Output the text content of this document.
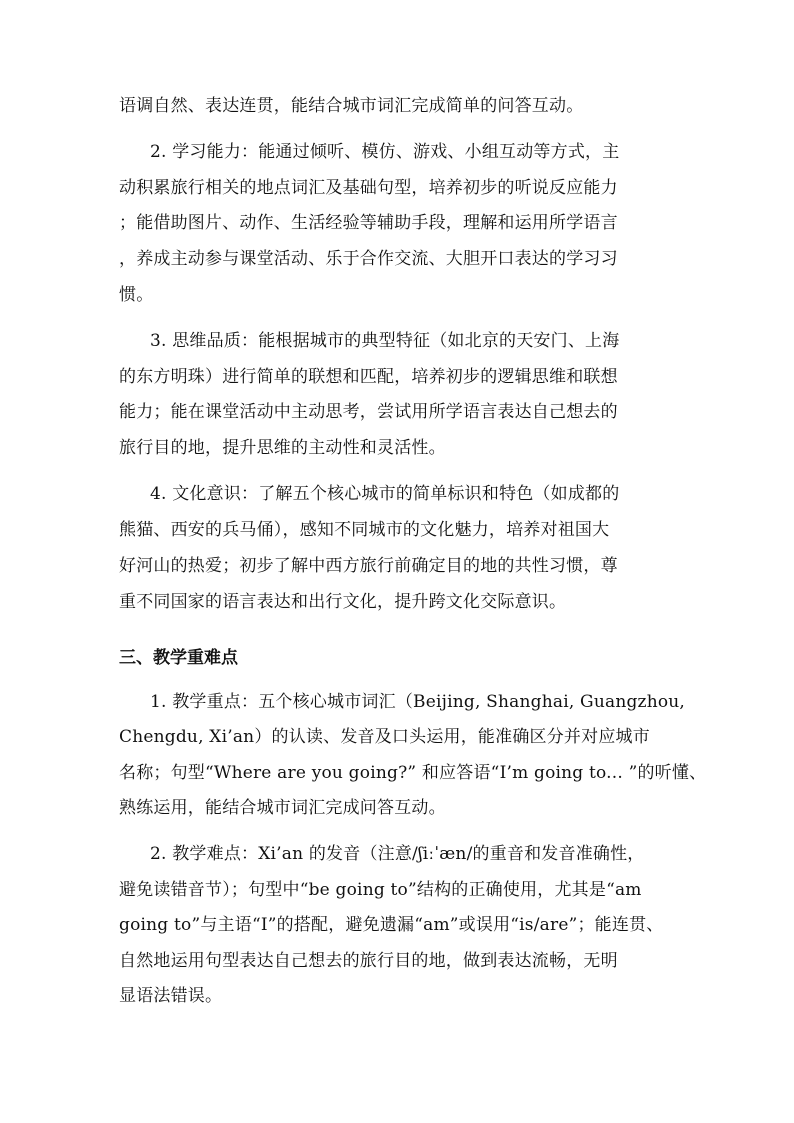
语调自然、表达连贯，能结合城市词汇完成简单的问答互动。
2. 学习能力：能通过倾听、模仿、游戏、小组互动等方式，主
动积累旅行相关的地点词汇及基础句型，培养初步的听说反应能力
；能借助图片、动作、生活经验等辅助手段，理解和运用所学语言
，养成主动参与课堂活动、乐于合作交流、大胆开口表达的学习习
惯。
3. 思维品质：能根据城市的典型特征（如北京的天安门、上海
的东方明珠）进行简单的联想和匹配，培养初步的逻辑思维和联想
能力；能在课堂活动中主动思考，尝试用所学语言表达自己想去的
旅行目的地，提升思维的主动性和灵活性。
4. 文化意识：了解五个核心城市的简单标识和特色（如成都的
熊猫、西安的兵马俑），感知不同城市的文化魅力，培养对祖国大
好河山的热爱；初步了解中西方旅行前确定目的地的共性习惯，尊
重不同国家的语言表达和出行文化，提升跨文化交际意识。
三、教学重难点
1. 教学重点：五个核心城市词汇（Beijing, Shanghai, Guangzhou,
Chengdu, Xi’an）的认读、发音及口头运用，能准确区分并对应城市
名称；句型“Where are you going?” 和应答语“I’m going to... ”的听懂、
熟练运用，能结合城市词汇完成问答互动。
2. 教学难点：Xi’an 的发音（注意/ʃiːˈæn/的重音和发音准确性，
避免读错音节）；句型中“be going to”结构的正确使用，尤其是“am
going to”与主语“I”的搭配，避免遗漏“am”或误用“is/are”；能连贯、
自然地运用句型表达自己想去的旅行目的地，做到表达流畅，无明
显语法错误。
